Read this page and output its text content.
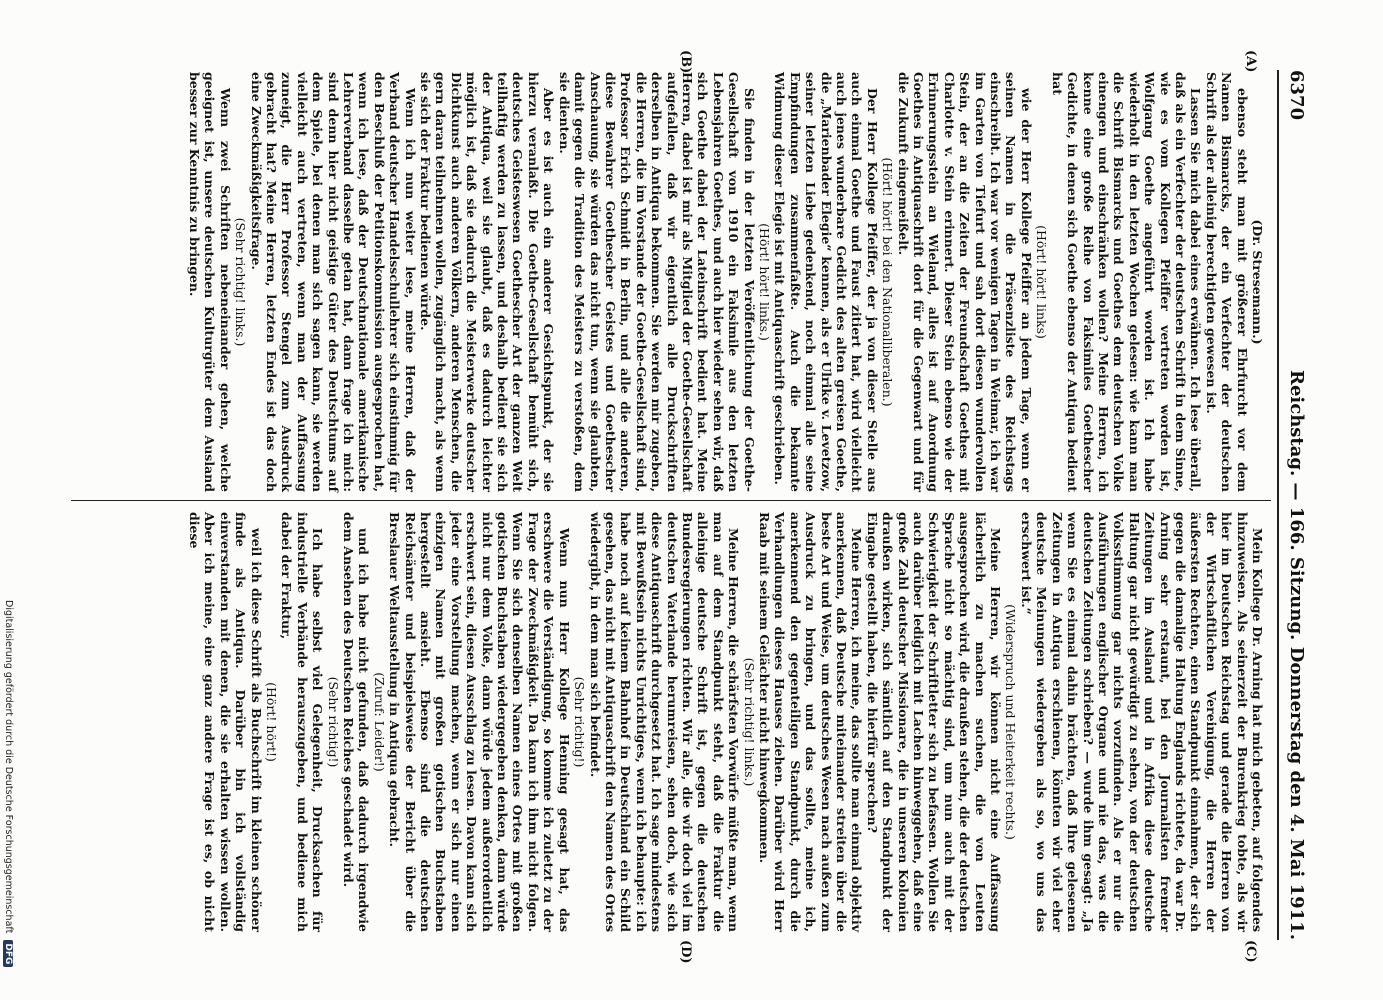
6370
Reichstag. — 166. Sitzung.
Donnerstag den 4. Mai 1911.
(A)
(B)
(C)
(D)

(Dr. Stresemann.)

ebenso steht man mit größerer Ehrfurcht vor dem Namen Bismarcks, der ein Verfechter der deutschen Schrift als der alleinig berechtigten gewesen ist.

Lassen Sie mich dabei eines erwähnen. Ich lese überall, daß als ein Verfechter der deutschen Schrift in dem Sinne, wie es vom Kollegen Pfeiffer vertreten worden ist, Wolfgang Goethe angeführt worden ist. Ich habe wiederholt in den letzten Wochen gelesen: wie kann man die Schrift Bismarcks und Goethes dem deutschen Volke einengen und einschränken wollen? Meine Herren, ich kenne eine große Reihe von Faksimiles Goethescher Gedichte, in denen sich Goethe ebenso der Antiqua bedient hat

(Hört! hört! links)

wie der Herr Kollege Pfeiffer an jedem Tage, wenn er seinen Namen in die Präsenzliste des Reichstags einschreibt. Ich war vor wenigen Tagen in Weimar, ich war im Garten von Tiefurt und sah dort diesen wundervollen Stein, der an die Zeiten der Freundschaft Goethes mit Charlotte v. Stein erinnert. Dieser Stein ebenso wie der Erinnerungsstein an Wieland, alles ist auf Anordnung Goethes in Antiquaschrift dort für die Gegenwart und für die Zukunft eingemeißelt.

(Hört! hört! bei den Nationalliberalen.)

Der Herr Kollege Pfeiffer, der ja von dieser Stelle aus auch einmal Goethe und Faust zitiert hat, wird vielleicht auch jenes wunderbare Gedicht des alten greisen Goethe, die „Marienbader Elegie“ kennen, als er Ulrike v. Levetzow, seiner letzten Liebe gedenkend, noch einmal alle seine Empfindungen zusammenfaßte. Auch die bekannte Widmung dieser Elegie ist mit Antiquaschrift geschrieben.

(Hört! hört! links.)

Sie finden in der letzten Veröffentlichung der Goethe-Gesellschaft von 1910 ein Faksimile aus den letzten Lebensjahren Goethes, und auch hier wieder sehen wir, daß sich Goethe dabei der Lateinschrift bedient hat. Meine Herren, dabei ist mir als Mitglied der Goethe-Gesellschaft aufgefallen, daß wir eigentlich alle Druckschriften derselben in Antiqua bekommen. Sie werden mir zugeben, die Herren, die im Vorstande der Goethe-Gesellschaft sind, Professor Erich Schmidt in Berlin, und alle die anderen, diese Bewahrer Goethescher Geistes und Goethescher Anschauung, sie würden das nicht tun, wenn sie glaubten, damit gegen die Tradition des Meisters zu verstoßen, dem sie dienten.

Aber es ist auch ein anderer Gesichtspunkt, der sie hierzu veranlaßt. Die Goethe-Gesellschaft bemüht sich, deutsches Geisteswesen Goethescher Art der ganzen Welt teilhaftig werden zu lassen, und deshalb bedient sie sich der Antiqua, weil sie glaubt, daß es dadurch leichter möglich ist, daß sie dadurch die Meisterwerke deutscher Dichtkunst auch anderen Völkern, anderen Menschen, die gern daran teilnehmen wollen, zugänglich macht, als wenn sie sich der Fraktur bedienen würde.

Wenn ich nun weiter lese, meine Herren, daß der Verband deutscher Handelsschullehrer sich einstimmig für den Beschluß der Petitionskommission ausgesprochen hat, wenn ich lese, daß der Deutschnationale amerikanische Lehrerverband dasselbe getan hat, dann frage ich mich: sind denn hier nicht geistige Güter des Deutschtums auf dem Spiele, bei denen man sich sagen kann, sie werden vielleicht auch vertreten, wenn man der Auffassung zuneigt, die Herr Professor Stengel zum Ausdruck gebracht hat? Meine Herren, letzten Endes ist das doch eine Zweckmäßigkeitsfrage.

(Sehr richtig! links.)

Wenn zwei Schriften nebeneinander gehen, welche geeignet ist, unsere deutschen Kulturgüter dem Ausland besser zur Kenntnis zu bringen.

Mein Kollege Dr. Arning hat mich gebeten, auf folgendes hinzuweisen. Als seinerzeit der Burenkrieg tobte, als wir hier im Deutschen Reichstag und gerade die Herren von der Wirtschaftlichen Vereinigung, die Herren der äußersten Rechten, einen Standpunkt einnahmen, der sich gegen die damalige Haltung Englands richtete, da war Dr. Arning sehr erstaunt, bei den Journalisten fremder Zeitungen im Ausland und in Afrika diese deutsche Haltung gar nicht gewürdigt zu sehen, von der deutschen Volksstimmung gar nichts vorzufinden. Als er nur die Ausführungen englischer Organe und nie das, was die deutschen Zeitungen schrieben? — wurde ihm gesagt: „Ja wenn Sie es einmal dahin brächten, daß Ihre gelesenen Zeitungen in Antiqua erschienen, könnten wir viel eher deutsche Meinungen wiedergeben als so, wo uns das erschwert ist.“

(Widerspruch und Heiterkeit rechts.)

Meine Herren, wir können nicht eine Auffassung lächerlich zu machen suchen, die von Leuten ausgesprochen wird, die draußen stehen, die der deutschen Sprache nicht so mächtig sind, um nun auch mit der Schwierigkeit der Schriftletter sich zu befassen. Wollen Sie auch darüber lediglich mit Lachen hinweggehen, daß eine große Zahl deutscher Missionare, die in unseren Kolonien draußen wirken, sich sämtlich auf den Standpunkt der Eingabe gestellt haben, die hierfür sprechen?

Meine Herren, ich meine, das sollte man einmal objektiv anerkennen, daß Deutsche miteinander streiten über die beste Art und Weise, um deutsches Wesen nach außen zum Ausdruck zu bringen, und das sollte, meine ich, anerkennend den gegenteiligen Standpunkt, durch die Verhandlungen dieses Hauses ziehen. Darüber wird Herr Raab mit seinem Gelächter nicht hinwegkommen.

(Sehr richtig! links.)

Meine Herren, die schärfsten Vorwürfe müßte man, wenn man auf dem Standpunkt steht, daß die Fraktur die alleinige deutsche Schrift ist, gegen die deutschen Bundesregierungen richten. Wir alle, die wir doch viel im deutschen Vaterlande herumreisen, sehen doch, wie sich diese Antiquaschrift durchgesetzt hat. Ich sage mindestens mit Bewußtsein nichts Unrichtiges, wenn ich behaupte: ich habe noch auf keinem Bahnhof in Deutschland ein Schild gesehen, das nicht mit Antiquaschrift den Namen des Ortes wiedergibt, in dem man sich befindet.

(Sehr richtig!)

Wenn nun Herr Kollege Henning gesagt hat, das erschwere die Verständigung, so komme ich zuletzt zu der Frage der Zweckmäßigkeit. Da kann ich ihm nicht folgen. Wenn Sie sich denselben Namen eines Ortes mit großen gotischen Buchstaben wiedergegeben denken, dann würde nicht nur dem Volke, dann würde jedem außerordentlich erschwert sein, diesen Ausschlag zu lesen. Davon kann sich jeder eine Vorstellung machen, wenn er sich nur einen einzigen Namen mit großen gotischen Buchstaben hergestellt ansieht. Ebenso sind die deutschen Reichsämter und beispielsweise der Bericht über die Breslauer Weltausstellung in Antiqua gebracht.

(Zuruf: Leider!)

und ich habe nicht gefunden, daß dadurch irgendwie dem Ansehen des Deutschen Reiches geschadet wird.

(Sehr richtig!)

Ich habe selbst viel Gelegenheit, Drucksachen für industrielle Verbände herauszugeben, und bediene mich dabei der Fraktur,

(Hört! hört!)

weil ich diese Schrift als Buchschrift im kleinen schöner finde als Antiqua. Darüber bin ich vollständig einverstanden mit denen, die sie erhalten wissen wollen. Aber ich meine, eine ganz andere Frage ist es, ob nicht diese

Digitalisierung gefördert durch die Deutsche Forschungsgemeinschaft DFG
